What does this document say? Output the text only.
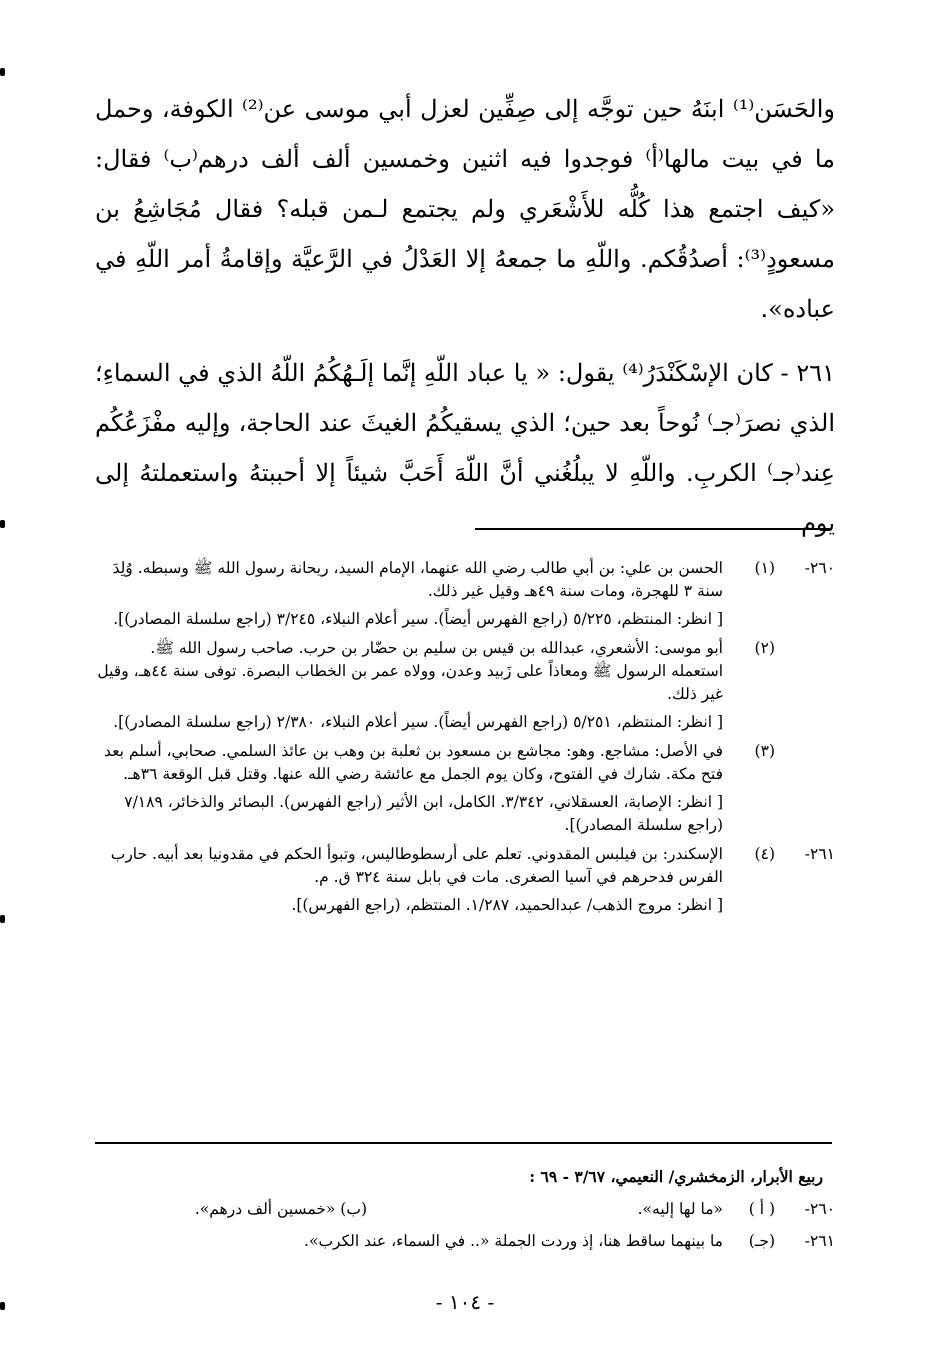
والحَسَن⁽¹⁾ ابنَهُ حين توجَّه إلى صِفِّين لعزل أبي موسى عن⁽²⁾ الكوفة، وحمل ما في بيت مالها⁽أ⁾ فوجدوا فيه اثنين وخمسين ألف ألف درهم⁽ب⁾ فقال: «كيف اجتمع هذا كُلُّه للأَشْعَري ولم يجتمع لـمن قبله؟ فقال مُجَاشِعُ بن مسعودٍ⁽³⁾: أصدُقُكم. واللّهِ ما جمعهُ إلا العَدْلُ في الرَّعيَّة وإقامةُ أمر اللّهِ في عباده».

٢٦١ - كان الإسْكَنْدَرُ⁽⁴⁾ يقول: « يا عباد اللّهِ إنَّما إلَـهُكُمُ اللّهُ الذي في السماءِ؛ الذي نصرَ⁽جـ⁾ نُوحاً بعد حين؛ الذي يسقيكُمُ الغيثَ عند الحاجة، وإليه مفْزَعُكُم عِند⁽جـ⁾ الكربِ. واللّهِ لا يبلُغُني أنَّ اللّهَ أَحَبَّ شيئاً إلا أحببتهُ واستعملتهُ إلى يوم

٢٦٠-
(١)

الحسن بن علي: بن أبي طالب رضي الله عنهما، الإمام السيد، ريحانة رسول الله ﷺ وسبطه. وُلِدَ سنة ٣ للهجرة، ومات سنة ٤٩هـ وقيل غير ذلك.

[ انظر: المنتظم، ٥/٢٢٥ (راجع الفهرس أيضاً). سير أعلام النبلاء، ٣/٢٤٥ (راجع سلسلة المصادر)].

(٢)

أبو موسى: الأشعري، عبدالله بن قيس بن سليم بن حضّار بن حرب. صاحب رسول الله ﷺ. استعمله الرسول ﷺ ومعاذاً على زَبيد وعدن، وولاه عمر بن الخطاب البصرة. توفى سنة ٤٤هـ، وقيل غير ذلك.

[ انظر: المنتظم، ٥/٢٥١ (راجع الفهرس أيضاً). سير أعلام النبلاء، ٢/٣٨٠ (راجع سلسلة المصادر)].

(٣)

في الأصل: مشاجع. وهو: مجاشع بن مسعود بن ثعلبة بن وهب بن عائذ السلمي. صحابي، أسلم بعد فتح مكة. شارك في الفتوح، وكان يوم الجمل مع عائشة رضي الله عنها. وقتل قبل الوقعة ٣٦هـ.

[ انظر: الإصابة، العسقلاني، ٣/٣٤٢. الكامل، ابن الأثير (راجع الفهرس). البصائر والذخائر، ٧/١٨٩ (راجع سلسلة المصادر)].

٢٦١-
(٤)

الإسكندر: بن فيلبس المقدوني. تعلم على أرسطوطاليس، وتبوأ الحكم في مقدونيا بعد أبيه. حارب الفرس فدحرهم في آسيا الصغرى. مات في بابل سنة ٣٢٤ ق. م.

[ انظر: مروج الذهب/ عبدالحميد، ١/٢٨٧. المنتظم، (راجع الفهرس)].

ربيع الأبرار، الزمخشري/ النعيمي، ٣/٦٧ - ٦٩ :
٢٦٠-
( أ )
«ما لها إليه».
(ب) «خمسين ألف درهم».
٢٦١-
(جـ)
ما بينهما ساقط هنا، إذ وردت الجملة «.. في السماء، عند الكرب».
- ١٠٤ -
